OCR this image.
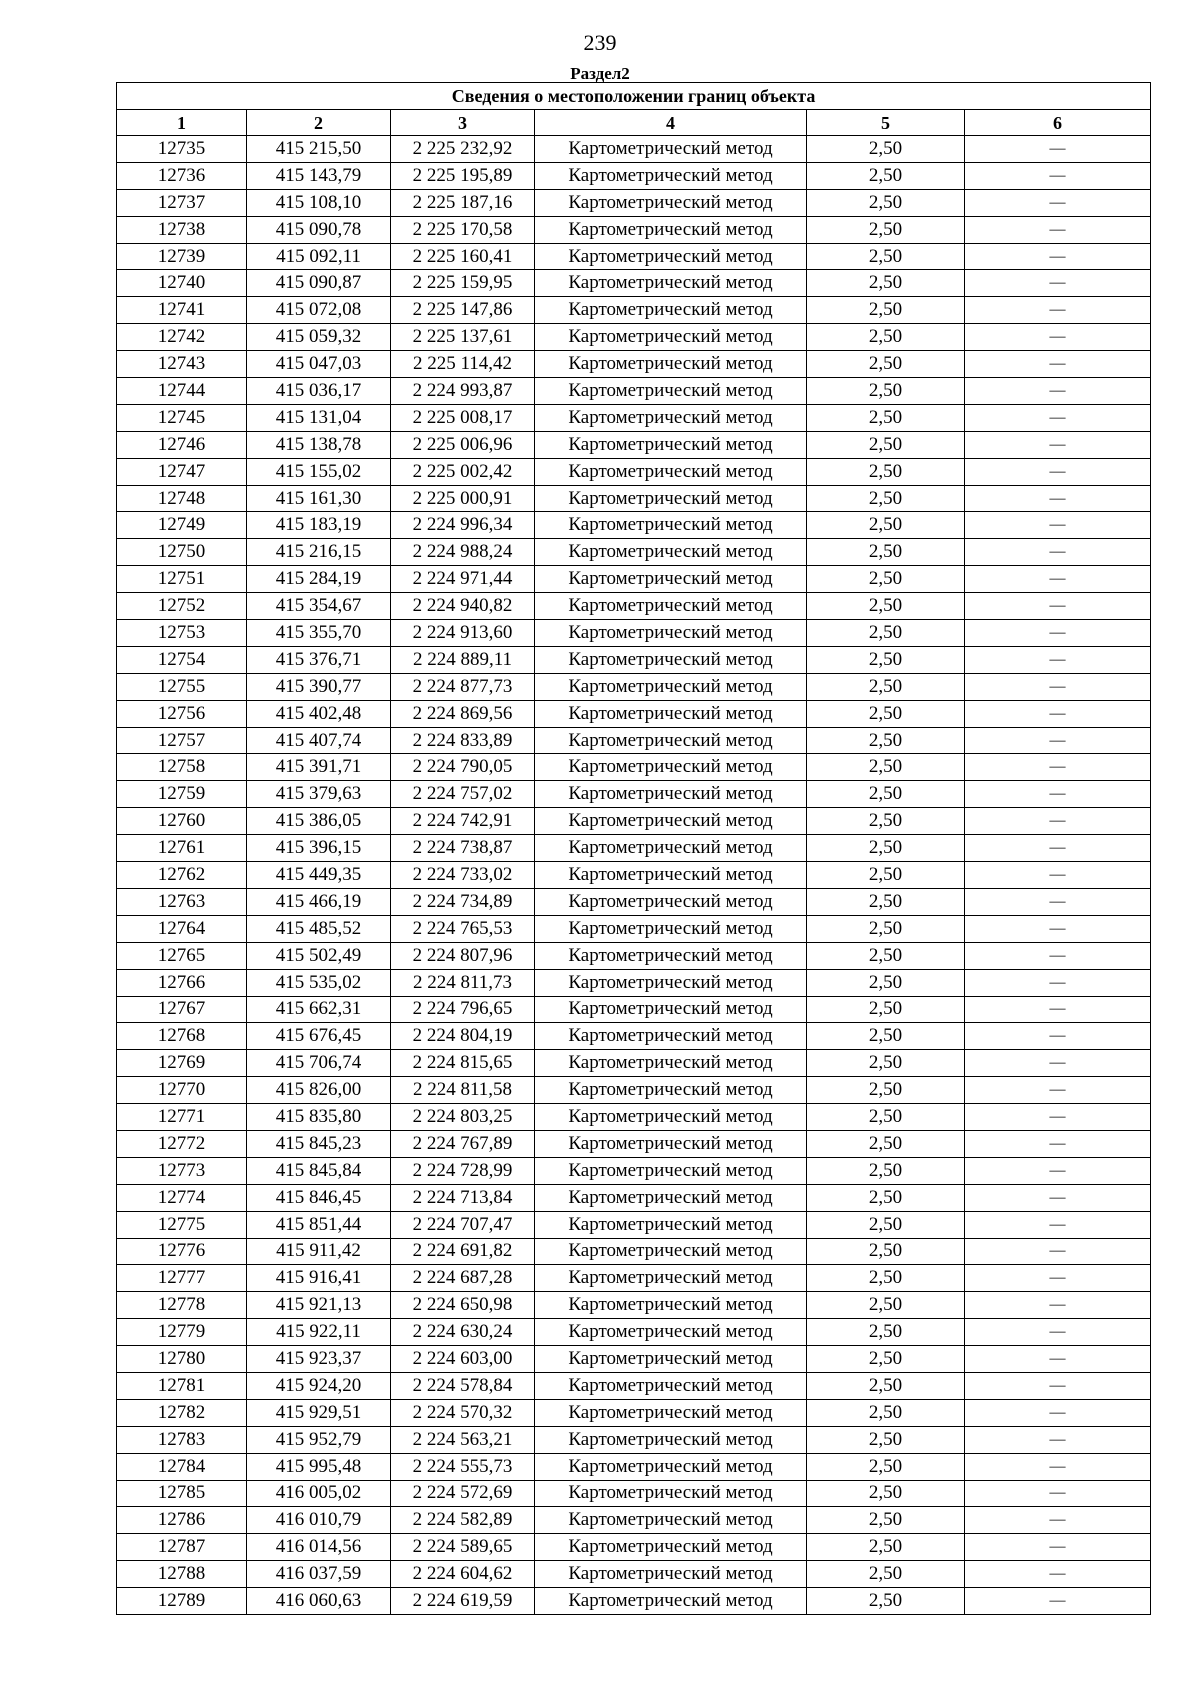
239
Раздел2
Сведения о местоположении границ объекта					
1	2	3	4	5	6
12735	415 215,50	2 225 232,92	Картометрический метод	2,50	—
12736	415 143,79	2 225 195,89	Картометрический метод	2,50	—
12737	415 108,10	2 225 187,16	Картометрический метод	2,50	—
12738	415 090,78	2 225 170,58	Картометрический метод	2,50	—
12739	415 092,11	2 225 160,41	Картометрический метод	2,50	—
12740	415 090,87	2 225 159,95	Картометрический метод	2,50	—
12741	415 072,08	2 225 147,86	Картометрический метод	2,50	—
12742	415 059,32	2 225 137,61	Картометрический метод	2,50	—
12743	415 047,03	2 225 114,42	Картометрический метод	2,50	—
12744	415 036,17	2 224 993,87	Картометрический метод	2,50	—
12745	415 131,04	2 225 008,17	Картометрический метод	2,50	—
12746	415 138,78	2 225 006,96	Картометрический метод	2,50	—
12747	415 155,02	2 225 002,42	Картометрический метод	2,50	—
12748	415 161,30	2 225 000,91	Картометрический метод	2,50	—
12749	415 183,19	2 224 996,34	Картометрический метод	2,50	—
12750	415 216,15	2 224 988,24	Картометрический метод	2,50	—
12751	415 284,19	2 224 971,44	Картометрический метод	2,50	—
12752	415 354,67	2 224 940,82	Картометрический метод	2,50	—
12753	415 355,70	2 224 913,60	Картометрический метод	2,50	—
12754	415 376,71	2 224 889,11	Картометрический метод	2,50	—
12755	415 390,77	2 224 877,73	Картометрический метод	2,50	—
12756	415 402,48	2 224 869,56	Картометрический метод	2,50	—
12757	415 407,74	2 224 833,89	Картометрический метод	2,50	—
12758	415 391,71	2 224 790,05	Картометрический метод	2,50	—
12759	415 379,63	2 224 757,02	Картометрический метод	2,50	—
12760	415 386,05	2 224 742,91	Картометрический метод	2,50	—
12761	415 396,15	2 224 738,87	Картометрический метод	2,50	—
12762	415 449,35	2 224 733,02	Картометрический метод	2,50	—
12763	415 466,19	2 224 734,89	Картометрический метод	2,50	—
12764	415 485,52	2 224 765,53	Картометрический метод	2,50	—
12765	415 502,49	2 224 807,96	Картометрический метод	2,50	—
12766	415 535,02	2 224 811,73	Картометрический метод	2,50	—
12767	415 662,31	2 224 796,65	Картометрический метод	2,50	—
12768	415 676,45	2 224 804,19	Картометрический метод	2,50	—
12769	415 706,74	2 224 815,65	Картометрический метод	2,50	—
12770	415 826,00	2 224 811,58	Картометрический метод	2,50	—
12771	415 835,80	2 224 803,25	Картометрический метод	2,50	—
12772	415 845,23	2 224 767,89	Картометрический метод	2,50	—
12773	415 845,84	2 224 728,99	Картометрический метод	2,50	—
12774	415 846,45	2 224 713,84	Картометрический метод	2,50	—
12775	415 851,44	2 224 707,47	Картометрический метод	2,50	—
12776	415 911,42	2 224 691,82	Картометрический метод	2,50	—
12777	415 916,41	2 224 687,28	Картометрический метод	2,50	—
12778	415 921,13	2 224 650,98	Картометрический метод	2,50	—
12779	415 922,11	2 224 630,24	Картометрический метод	2,50	—
12780	415 923,37	2 224 603,00	Картометрический метод	2,50	—
12781	415 924,20	2 224 578,84	Картометрический метод	2,50	—
12782	415 929,51	2 224 570,32	Картометрический метод	2,50	—
12783	415 952,79	2 224 563,21	Картометрический метод	2,50	—
12784	415 995,48	2 224 555,73	Картометрический метод	2,50	—
12785	416 005,02	2 224 572,69	Картометрический метод	2,50	—
12786	416 010,79	2 224 582,89	Картометрический метод	2,50	—
12787	416 014,56	2 224 589,65	Картометрический метод	2,50	—
12788	416 037,59	2 224 604,62	Картометрический метод	2,50	—
12789	416 060,63	2 224 619,59	Картометрический метод	2,50	—
